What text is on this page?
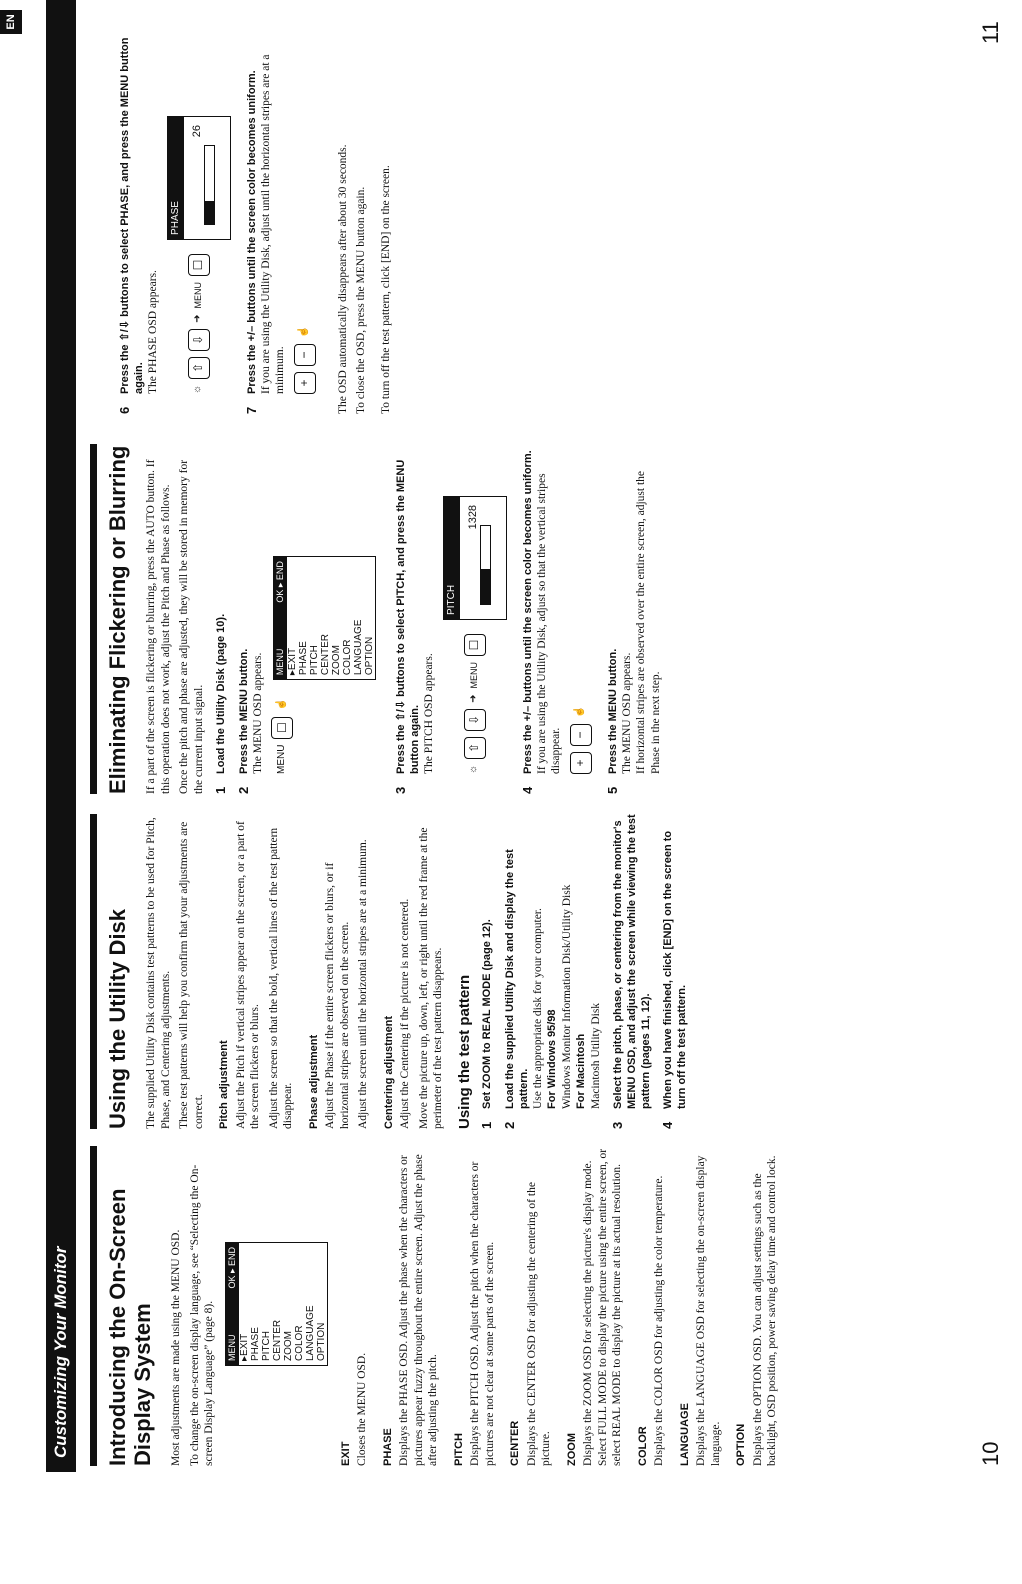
Customizing Your Monitor	Introducing the On-Screen Display System Most adjustments are made using the MENU OSD. To change the on-screen display language, see “Selecting the On-screen Display Language” (page 8). MENU
OK ▸ END
▸EXIT PHASE PITCH CENTER ZOOM COLOR LANGUAGE OPTION
EXIT Closes the MENU OSD. PHASE Displays the PHASE OSD. Adjust the phase when the characters or pictures appear fuzzy throughout the entire screen. Adjust the phase after adjusting the pitch. PITCH Displays the PITCH OSD. Adjust the pitch when the characters or pictures are not clear at some parts of the screen. CENTER Displays the CENTER OSD for adjusting the centering of the picture. ZOOM Displays the ZOOM OSD for selecting the picture's display mode. Select FULL MODE to display the picture using the entire screen, or select REAL MODE to display the picture at its actual resolution. COLOR Displays the COLOR OSD for adjusting the color temperature. LANGUAGE Displays the LANGUAGE OSD for selecting the on-screen display language. OPTION Displays the OPTION OSD. You can adjust settings such as the backlight, OSD position, power saving delay time and control lock.

Using the Utility Disk The supplied Utility Disk contains test patterns to be used for Pitch, Phase, and Centering adjustments. These test patterns will help you confirm that your adjustments are correct. Pitch adjustment Adjust the Pitch if vertical stripes appear on the screen, or a part of the screen flickers or blurs. Adjust the screen so that the bold, vertical lines of the test pattern disappear. Phase adjustment Adjust the Phase if the entire screen flickers or blurs, or if horizontal stripes are observed on the screen. Adjust the screen until the horizontal stripes are at a minimum. Centering adjustment Adjust the Centering if the picture is not centered. Move the picture up, down, left, or right until the red frame at the perimeter of the test pattern disappears. Using the test pattern 1
Set ZOOM to REAL MODE (page 12).
2
Load the supplied Utility Disk and display the test pattern. Use the appropriate disk for your computer. For Windows 95/98 Windows Monitor Information Disk/Utility Disk For Macintosh Macintosh Utility Disk
3
Select the pitch, phase, or centering from the monitor's MENU OSD, and adjust the screen while viewing the test pattern (pages 11, 12).
4
When you have finished, click [END] on the screen to turn off the test pattern.
10
EN
Eliminating Flickering or Blurring If a part of the screen is flickering or blurring, press the AUTO button. If this operation does not work, adjust the Pitch and Phase as follows. Once the pitch and phase are adjusted, they will be stored in memory for the current input signal. 1
Load the Utility Disk (page 10).
2
Press the MENU button. The MENU OSD appears. MENU
☐
☝
MENU
OK ▸ END
▸EXIT PHASE PITCH CENTER ZOOM COLOR LANGUAGE OPTION
3
Press the ⇧/⇩ buttons to select PITCH, and press the MENU button again. The PITCH OSD appears.	☼
⇧
⇩
➜
MENU
☐
PITCH
1328
4
Press the +/– buttons until the screen color becomes uniform. If you are using the Utility Disk, adjust so that the vertical stripes disappear. +
−
☝
5
Press the MENU button. The MENU OSD appears. If horizontal stripes are observed over the entire screen, adjust the Phase in the next step.
6
Press the ⇧/⇩ buttons to select PHASE, and press the MENU button again. The PHASE OSD appears.	☼
⇧
⇩
➜
MENU
☐
PHASE
26
7
Press the +/– buttons until the screen color becomes uniform. If you are using the Utility Disk, adjust until the horizontal stripes are at a minimum. +
−
☝ The OSD automatically disappears after about 30 seconds. To close the OSD, press the MENU button again. To turn off the test pattern, click [END] on the screen.

11
